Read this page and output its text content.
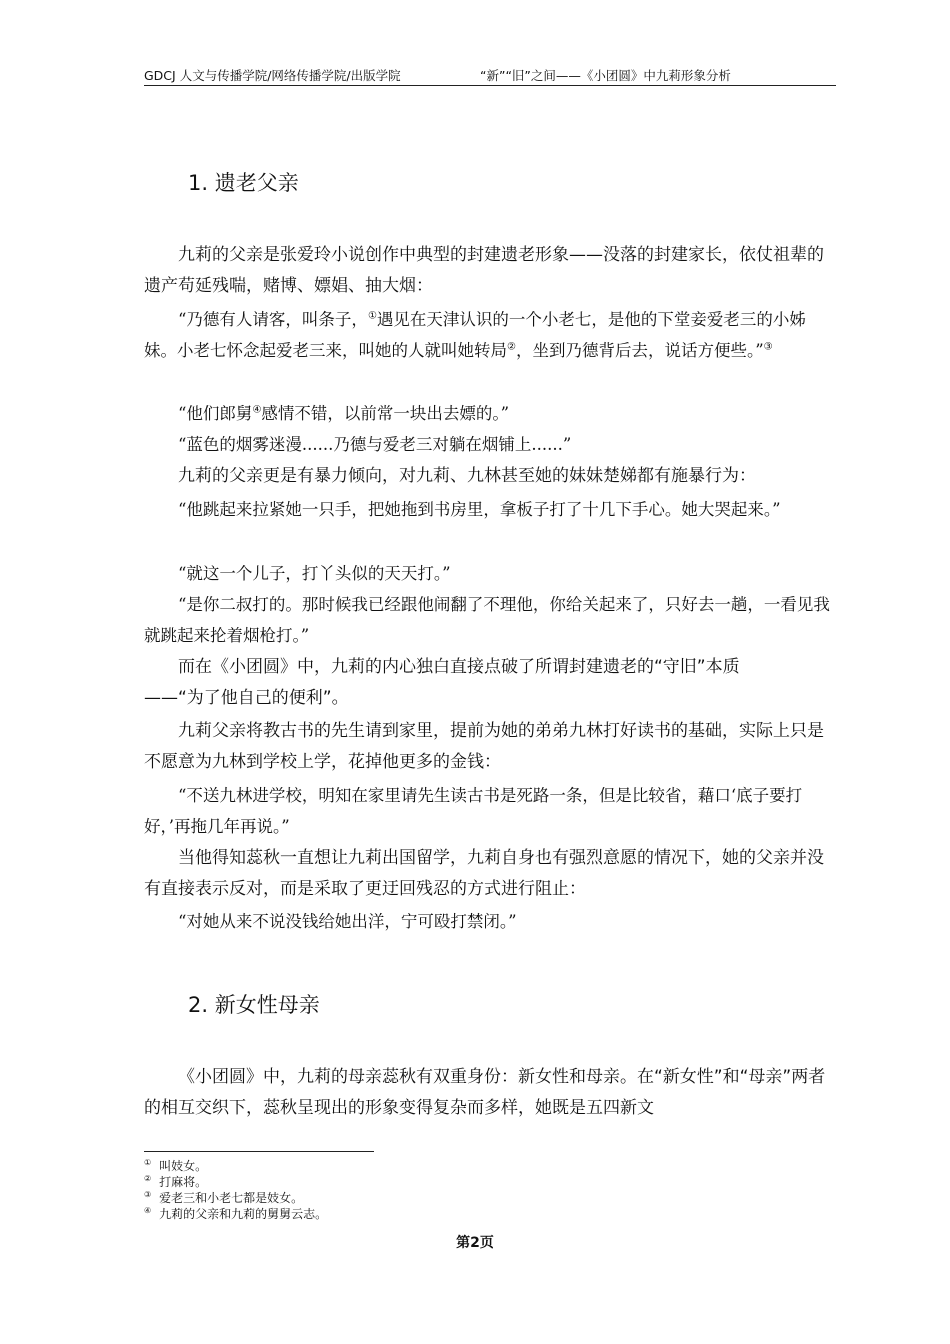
GDCJ 人文与传播学院/网络传播学院/出版学院	“新”“旧”之间——《小团圆》中九莉形象分析
1. 遗老父亲
九莉的父亲是张爱玲小说创作中典型的封建遗老形象——没落的封建家长，依仗祖辈的遗产苟延残喘，赌博、嫖娼、抽大烟：
“乃德有人请客，叫条子，①遇见在天津认识的一个小老七，是他的下堂妾爱老三的小姊妹。小老七怀念起爱老三来，叫她的人就叫她转局②，坐到乃德背后去，说话方便些。”③
“他们郎舅④感情不错，以前常一块出去嫖的。”
“蓝色的烟雾迷漫......乃德与爱老三对躺在烟铺上......”
九莉的父亲更是有暴力倾向，对九莉、九林甚至她的妹妹楚娣都有施暴行为：
“他跳起来拉紧她一只手，把她拖到书房里，拿板子打了十几下手心。她大哭起来。”
“就这一个儿子，打丫头似的天天打。”
“是你二叔打的。那时候我已经跟他闹翻了不理他，你给关起来了，只好去一趟，一看见我就跳起来抡着烟枪打。”
而在《小团圆》中，九莉的内心独白直接点破了所谓封建遗老的“守旧”本质
——“为了他自己的便利”。
九莉父亲将教古书的先生请到家里，提前为她的弟弟九林打好读书的基础，实际上只是不愿意为九林到学校上学，花掉他更多的金钱：
“不送九林进学校，明知在家里请先生读古书是死路一条，但是比较省，藉口‘底子要打好，’再拖几年再说。”
当他得知蕊秋一直想让九莉出国留学，九莉自身也有强烈意愿的情况下，她的父亲并没有直接表示反对，而是采取了更迂回残忍的方式进行阻止：
“对她从来不说没钱给她出洋，宁可殴打禁闭。”
2. 新女性母亲
《小团圆》中，九莉的母亲蕊秋有双重身份：新女性和母亲。在“新女性”和“母亲”两者的相互交织下，蕊秋呈现出的形象变得复杂而多样，她既是五四新文
① 叫妓女。
② 打麻将。
③ 爱老三和小老七都是妓女。
④ 九莉的父亲和九莉的舅舅云志。
第2页
